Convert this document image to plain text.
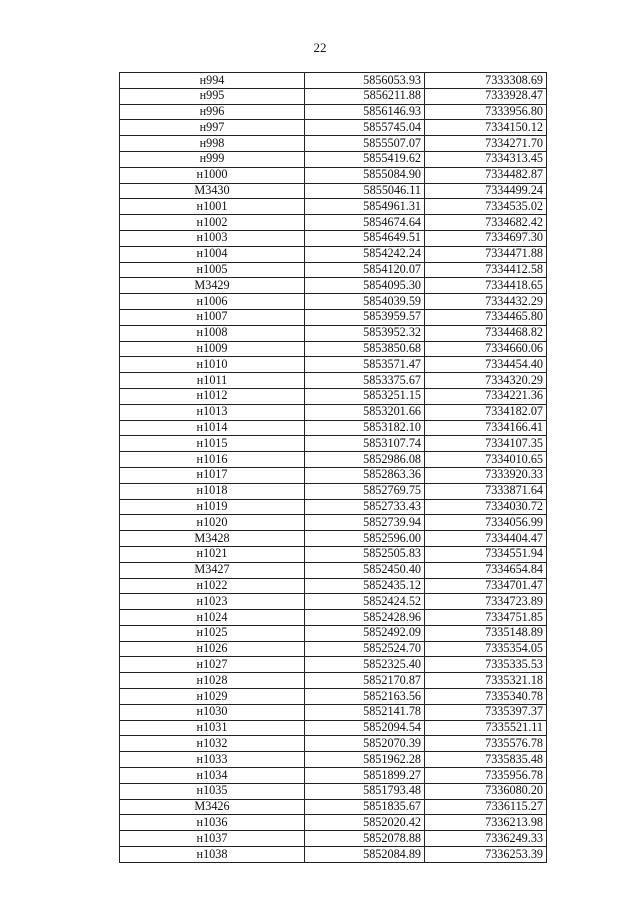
22
н994	5856053.93	7333308.69
н995	5856211.88	7333928.47
н996	5856146.93	7333956.80
н997	5855745.04	7334150.12
н998	5855507.07	7334271.70
н999	5855419.62	7334313.45
н1000	5855084.90	7334482.87
М3430	5855046.11	7334499.24
н1001	5854961.31	7334535.02
н1002	5854674.64	7334682.42
н1003	5854649.51	7334697.30
н1004	5854242.24	7334471.88
н1005	5854120.07	7334412.58
М3429	5854095.30	7334418.65
н1006	5854039.59	7334432.29
н1007	5853959.57	7334465.80
н1008	5853952.32	7334468.82
н1009	5853850.68	7334660.06
н1010	5853571.47	7334454.40
н1011	5853375.67	7334320.29
н1012	5853251.15	7334221.36
н1013	5853201.66	7334182.07
н1014	5853182.10	7334166.41
н1015	5853107.74	7334107.35
н1016	5852986.08	7334010.65
н1017	5852863.36	7333920.33
н1018	5852769.75	7333871.64
н1019	5852733.43	7334030.72
н1020	5852739.94	7334056.99
М3428	5852596.00	7334404.47
н1021	5852505.83	7334551.94
М3427	5852450.40	7334654.84
н1022	5852435.12	7334701.47
н1023	5852424.52	7334723.89
н1024	5852428.96	7334751.85
н1025	5852492.09	7335148.89
н1026	5852524.70	7335354.05
н1027	5852325.40	7335335.53
н1028	5852170.87	7335321.18
н1029	5852163.56	7335340.78
н1030	5852141.78	7335397.37
н1031	5852094.54	7335521.11
н1032	5852070.39	7335576.78
н1033	5851962.28	7335835.48
н1034	5851899.27	7335956.78
н1035	5851793.48	7336080.20
М3426	5851835.67	7336115.27
н1036	5852020.42	7336213.98
н1037	5852078.88	7336249.33
н1038	5852084.89	7336253.39
